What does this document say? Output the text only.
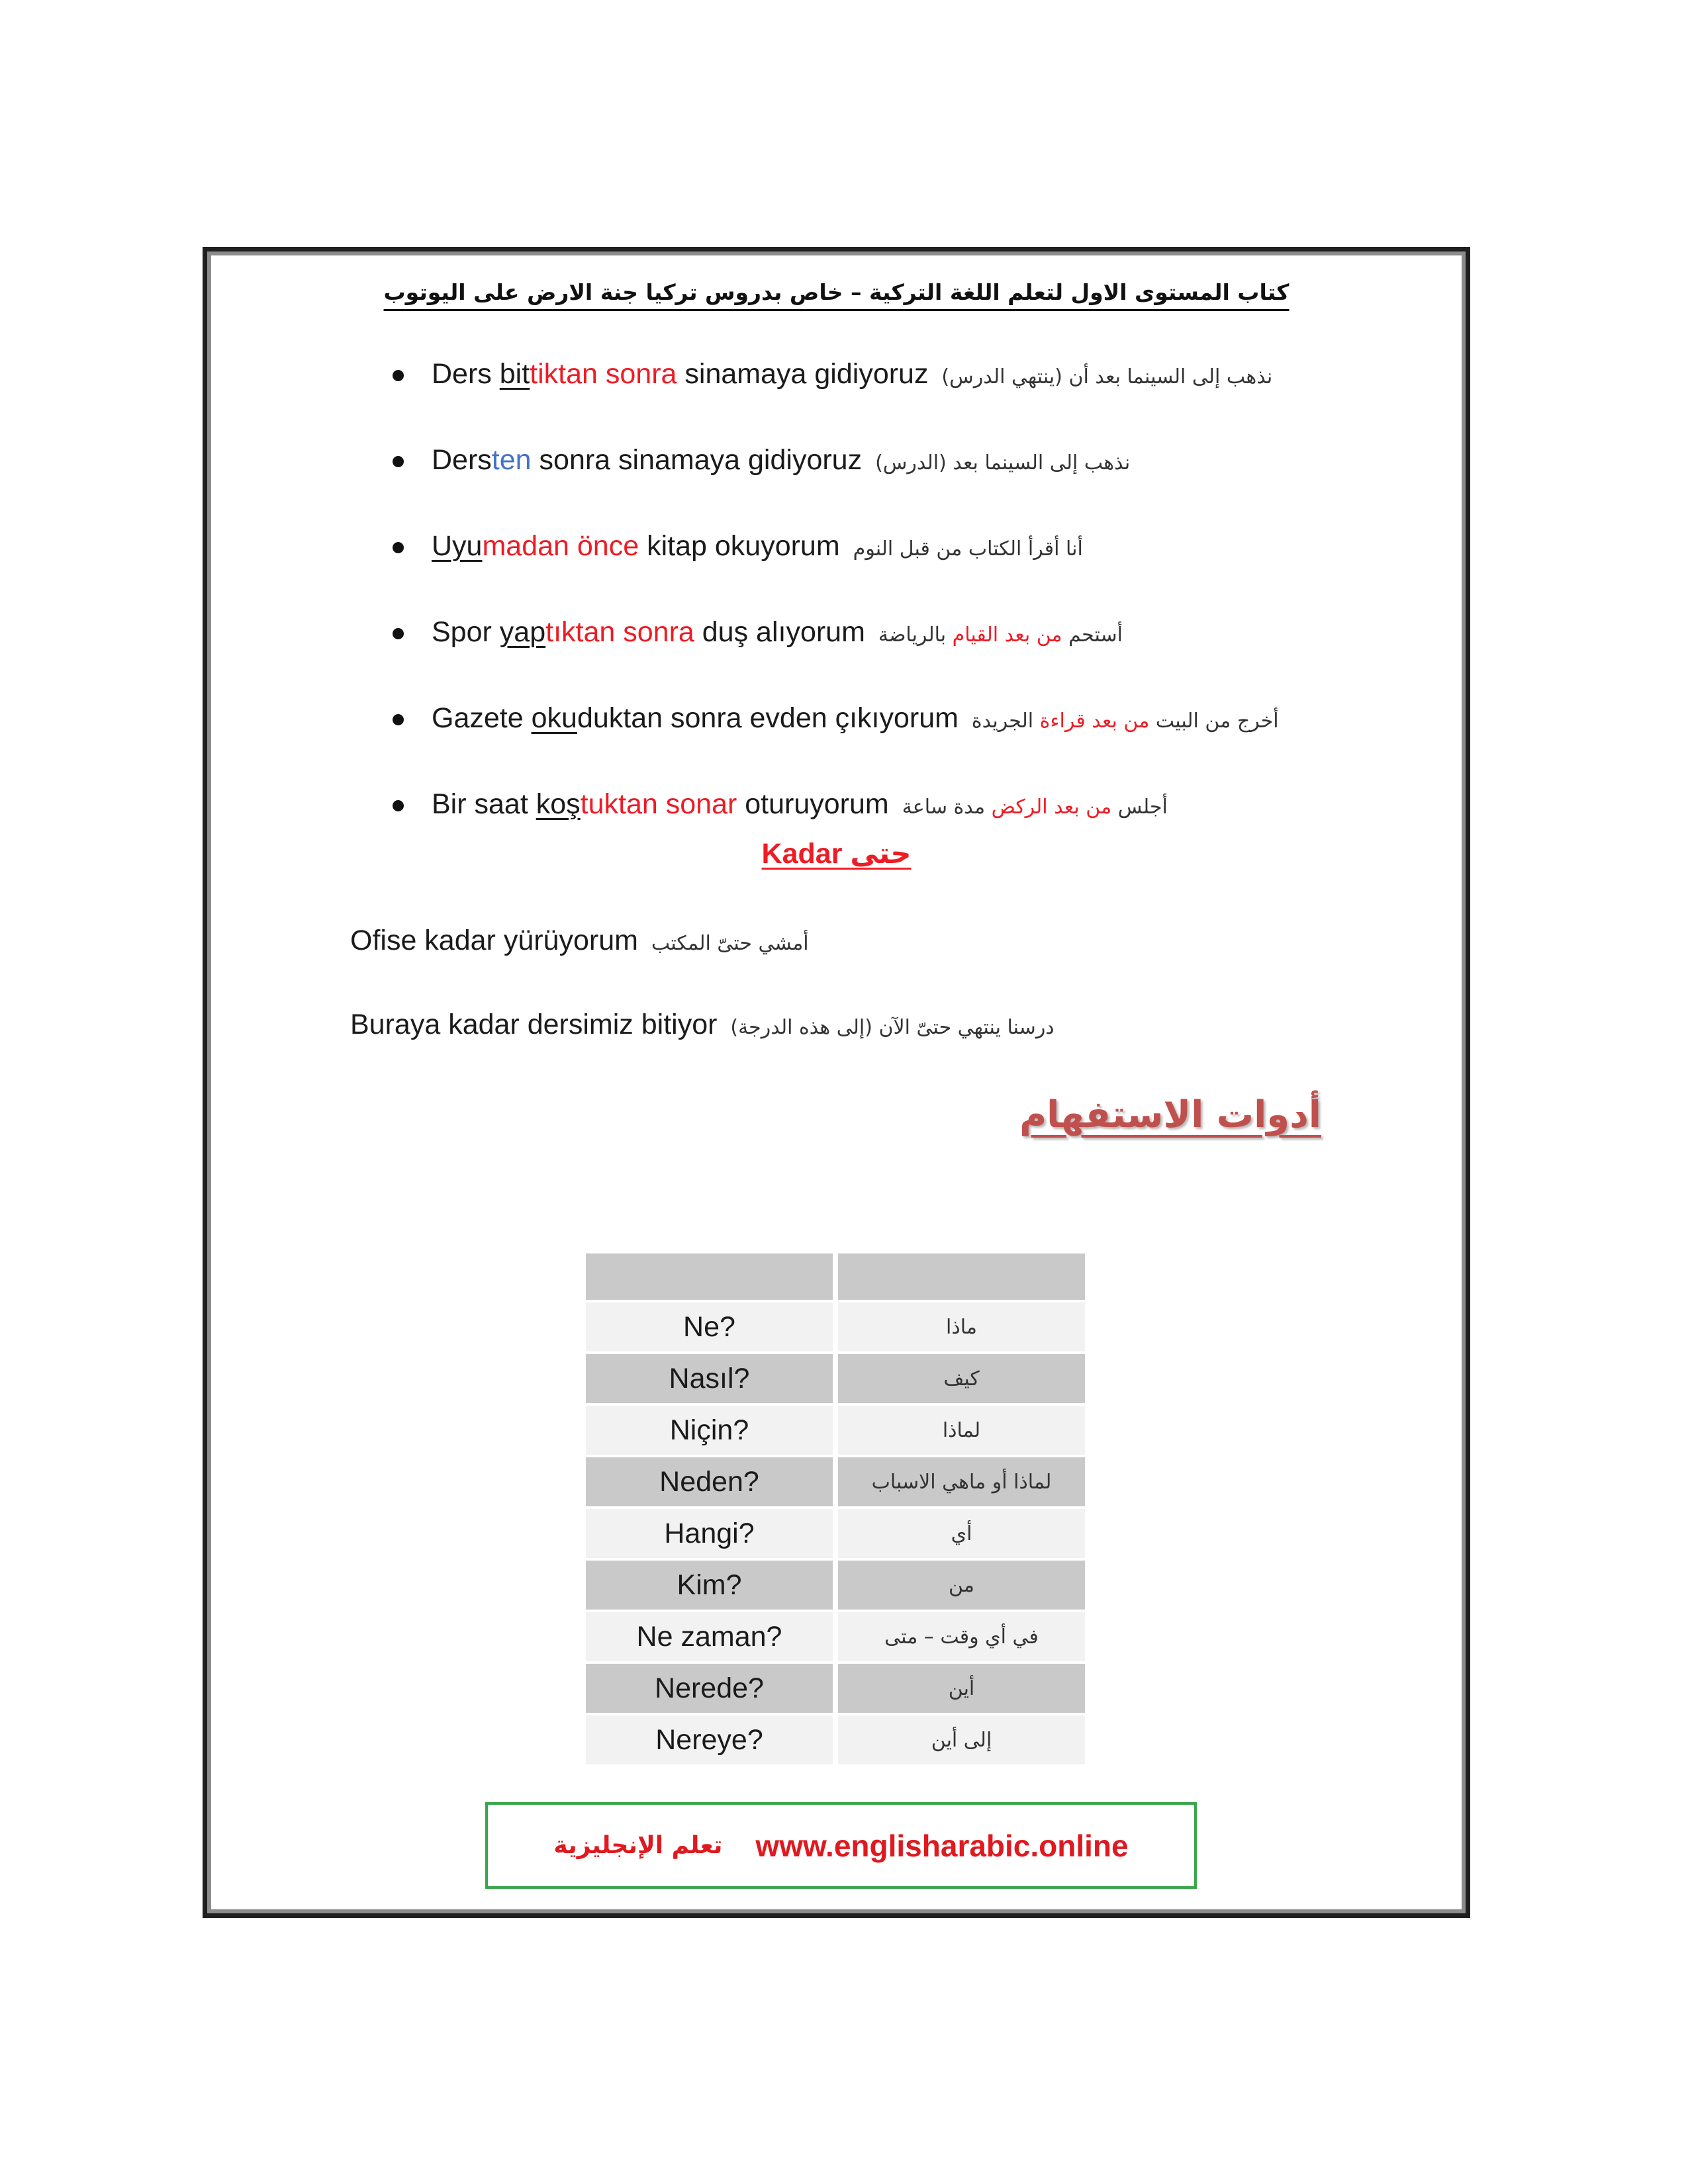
كتاب المستوى الاول لتعلم اللغة التركية – خاص بدروس تركيا جنة الارض على اليوتوب
Ders bittiktan sonra sinamaya gidiyoruz نذهب إلى السينما بعد أن (ينتهي الدرس)
Dersten sonra sinamaya gidiyoruz نذهب إلى السينما بعد (الدرس)
Uyumadan önce kitap okuyorum أنا أقرأ الكتاب من قبل النوم
Spor yaptıktan sonra duş alıyorum	أستحم من بعد القيام بالرياضة
Gazete okuduktan sonra evden çıkıyorum	أخرج من البيت من بعد قراءة الجريدة
Bir saat koştuktan sonar oturuyorum	أجلس من بعد الركض مدة ساعة
Kadar حتى
Ofise kadar yürüyorum أمشي حتىّ المكتب
Buraya kadar dersimiz bitiyor درسنا ينتهي حتىّ الآن (إلى هذه الدرجة)
أدوات الاستفهام
Ne?	ماذا
Nasıl?	كيف
Niçin?	لماذا
Neden?	لماذا أو ماهي الاسباب
Hangi?	أي
Kim?	من
Ne zaman?	في أي وقت – متى
Nerede?	أين
Nereye?	إلى أين
تعلم الإنجليزية www.englisharabic.online
